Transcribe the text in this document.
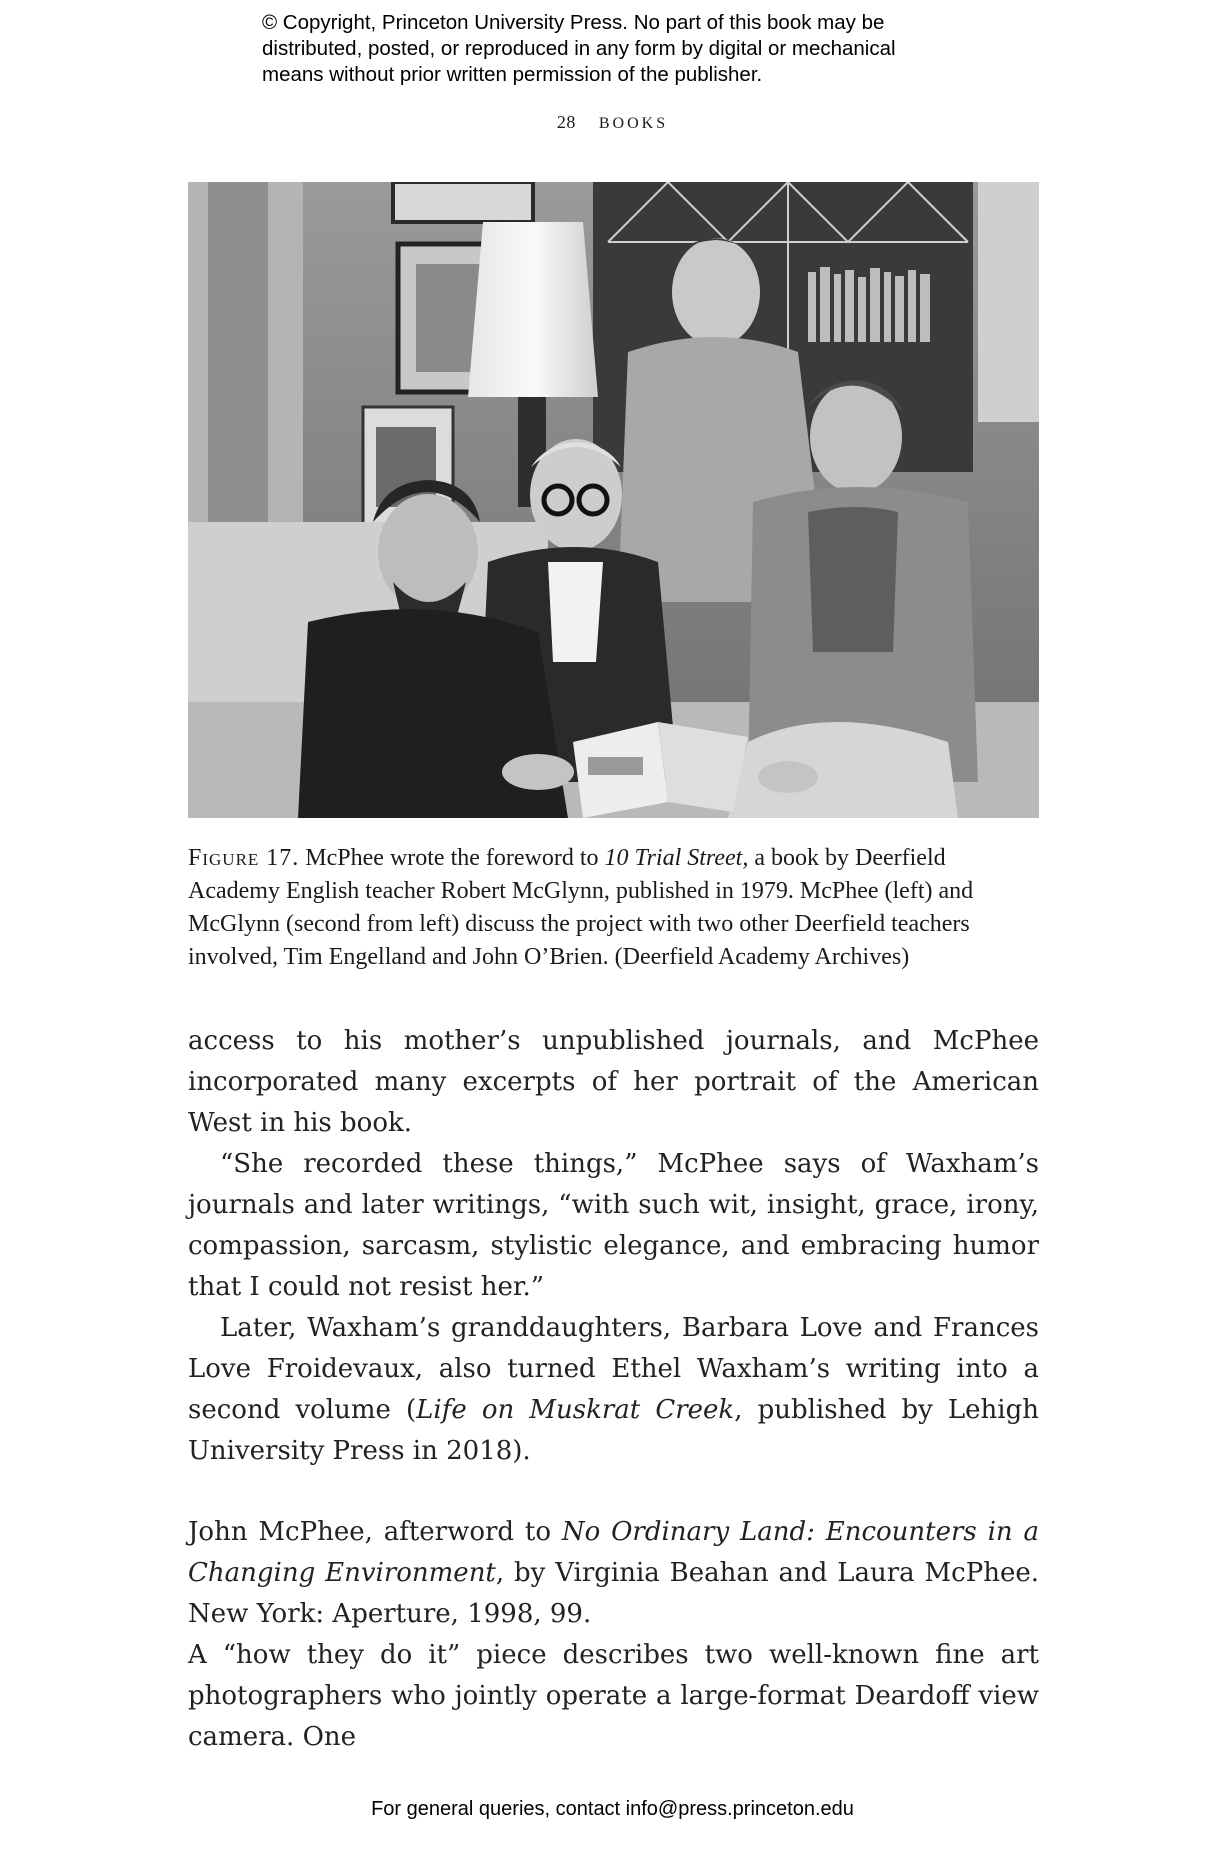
© Copyright, Princeton University Press. No part of this book may be
distributed, posted, or reproduced in any form by digital or mechanical
means without prior written permission of the publisher.
28 BOOKS

Figure 17. McPhee wrote the foreword to 10 Trial Street, a book by Deerfield Academy English teacher Robert McGlynn, published in 1979. McPhee (left) and McGlynn (second from left) discuss the project with two other Deerfield teachers involved, Tim Engelland and John O’Brien. (Deerfield Academy Archives)

access to his mother’s unpublished journals, and McPhee incorporated many excerpts of her portrait of the American West in his book.

“She recorded these things,” McPhee says of Waxham’s journals and later writings, “with such wit, insight, grace, irony, compassion, sarcasm, stylistic elegance, and embracing humor that I could not resist her.”

Later, Waxham’s granddaughters, Barbara Love and Frances Love Froidevaux, also turned Ethel Waxham’s writing into a second volume (Life on Muskrat Creek, published by Lehigh University Press in 2018).

John McPhee, afterword to No Ordinary Land: Encounters in a Changing Environment, by Virginia Beahan and Laura McPhee. New York: Aperture, 1998, 99.

A “how they do it” piece describes two well-known fine art photographers who jointly operate a large-format Deardoff view camera. One

For general queries, contact info@press.princeton.edu
